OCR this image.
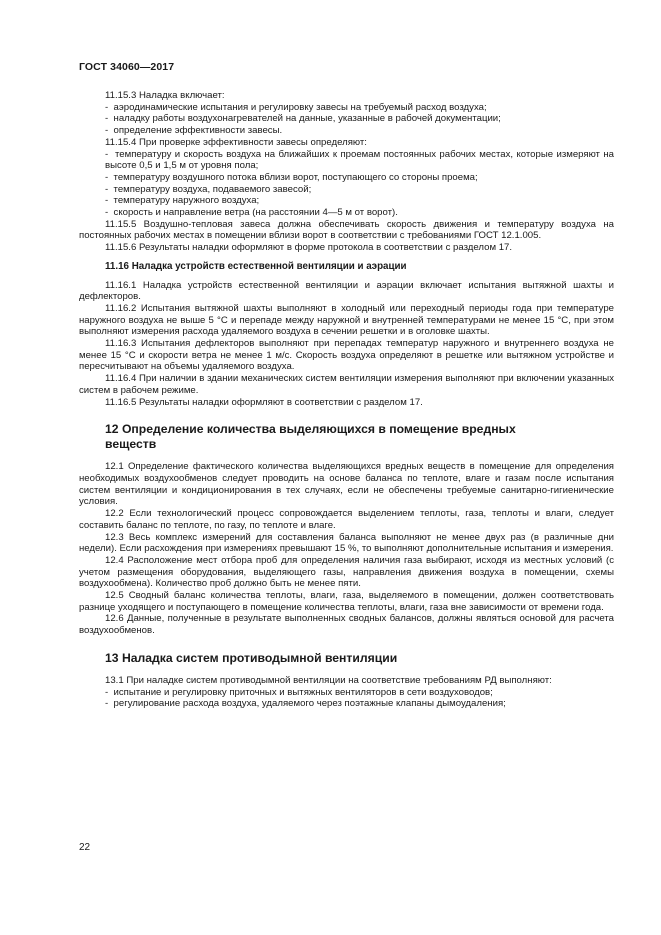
ГОСТ 34060—2017
11.15.3 Наладка включает:
-  аэродинамические испытания и регулировку завесы на требуемый расход воздуха;
-  наладку работы воздухонагревателей на данные, указанные в рабочей документации;
-  определение эффективности завесы.
11.15.4 При проверке эффективности завесы определяют:
-  температуру и скорость воздуха на ближайших к проемам постоянных рабочих местах, которые измеряют на высоте 0,5 и 1,5 м от уровня пола;
-  температуру воздушного потока вблизи ворот, поступающего со стороны проема;
-  температуру воздуха, подаваемого завесой;
-  температуру наружного воздуха;
-  скорость и направление ветра (на расстоянии 4—5 м от ворот).
11.15.5 Воздушно-тепловая завеса должна обеспечивать скорость движения и температуру воздуха на постоянных рабочих местах в помещении вблизи ворот в соответствии с требованиями ГОСТ 12.1.005.
11.15.6 Результаты наладки оформляют в форме протокола в соответствии с разделом 17.
11.16 Наладка устройств естественной вентиляции и аэрации
11.16.1 Наладка устройств естественной вентиляции и аэрации включает испытания вытяжной шахты и дефлекторов.
11.16.2 Испытания вытяжной шахты выполняют в холодный или переходный периоды года при температуре наружного воздуха не выше 5 °С и перепаде между наружной и внутренней температурами не менее 15 °С, при этом выполняют измерения расхода удаляемого воздуха в сечении решетки и в оголовке шахты.
11.16.3 Испытания дефлекторов выполняют при перепадах температур наружного и внутреннего воздуха не менее 15 °С и скорости ветра не менее 1 м/с. Скорость воздуха определяют в решетке или вытяжном устройстве и пересчитывают на объемы удаляемого воздуха.
11.16.4 При наличии в здании механических систем вентиляции измерения выполняют при включении указанных систем в рабочем режиме.
11.16.5 Результаты наладки оформляют в соответствии с разделом 17.
12 Определение количества выделяющихся в помещение вредных веществ
12.1 Определение фактического количества выделяющихся вредных веществ в помещение для определения необходимых воздухообменов следует проводить на основе баланса по теплоте, влаге и газам после испытания систем вентиляции и кондиционирования в тех случаях, если не обеспечены требуемые санитарно-гигиенические условия.
12.2 Если технологический процесс сопровождается выделением теплоты, газа, теплоты и влаги, следует составить баланс по теплоте, по газу, по теплоте и влаге.
12.3 Весь комплекс измерений для составления баланса выполняют не менее двух раз (в различные дни недели). Если расхождения при измерениях превышают 15 %, то выполняют дополнительные испытания и измерения.
12.4 Расположение мест отбора проб для определения наличия газа выбирают, исходя из местных условий (с учетом размещения оборудования, выделяющего газы, направления движения воздуха в помещении, схемы воздухообмена). Количество проб должно быть не менее пяти.
12.5 Сводный баланс количества теплоты, влаги, газа, выделяемого в помещении, должен соответствовать разнице уходящего и поступающего в помещение количества теплоты, влаги, газа вне зависимости от времени года.
12.6 Данные, полученные в результате выполненных сводных балансов, должны являться основой для расчета воздухообменов.
13 Наладка систем противодымной вентиляции
13.1 При наладке систем противодымной вентиляции на соответствие требованиям РД выполняют:
-  испытание и регулировку приточных и вытяжных вентиляторов в сети воздуховодов;
-  регулирование расхода воздуха, удаляемого через поэтажные клапаны дымоудаления;
22
